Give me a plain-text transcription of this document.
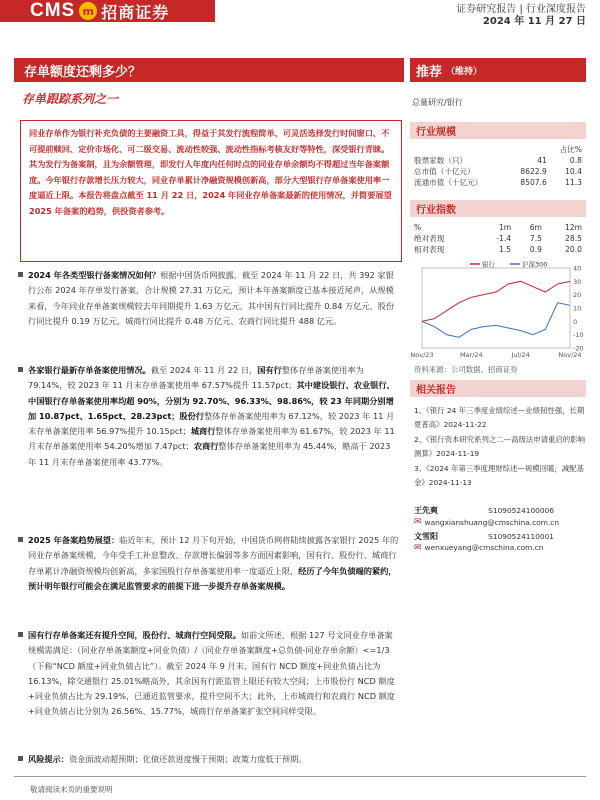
CMS m 招商证券	证券研究报告 | 行业深度报告
2024 年 11 月 27 日
存单额度还剩多少？	推荐 （维持）
存单跟踪系列之一	总量研究/银行
同业存单作为银行补充负债的主要融资工具，得益于其发行流程简单、可灵活选择发行时间窗口、不可提前赎回、定价市场化、可二级交易、流动性较强、流动性指标考核友好等特性，深受银行青睐。其为发行为备案制，且为余额管理，即发行人年度内任何时点的同业存单余额均不得超过当年备案额度。今年银行存款增长压力较大，同业存单累计净融资规模创新高，部分大型银行存单备案使用率一度逼近上限。本报告将盘点截至 11 月 22 日，2024 年同业存单备案最新的使用情况，并简要展望 2025 年备案的趋势，供投资者参考。
2024 年各类型银行备案情况如何？根据中国货币网披露，截至 2024 年 11 月 22 日，共 392 家银行公布 2024 年存单发行备案，合计规模 27.31 万亿元，预计本年备案额度已基本接近尾声，从规模来看，今年同业存单备案规模较去年同期提升 1.63 万亿元，其中国有行同比提升 0.84 万亿元，股份行同比提升 0.19 万亿元，城商行同比提升 0.48 万亿元、农商行同比提升 488 亿元。
各家银行最新存单备案使用情况。截至 2024 年 11 月 22 日，国有行整体存单备案使用率为 79.14%，较 2023 年 11 月末存单备案使用率 67.57%提升 11.57pct；其中建设银行、农业银行、中国银行存单备案使用率均超 90%，分别为 92.70%、96.33%、98.86%，较 23 年同期分别增加 10.87pct、1.65pct、28.23pct；股份行整体存单备案使用率为 67.12%，较 2023 年 11 月末存单备案使用率 56.97%提升 10.15pct；城商行整体存单备案使用率为 61.67%，较 2023 年 11 月末存单备案使用率 54.20%增加 7.47pct；农商行整体存单备案使用率为 45.44%，略高于 2023 年 11 月末存单备案使用率 43.77%。
2025 年备案趋势展望：临近年末，预计 12 月下旬开始，中国货币网将陆续披露各家银行 2025 年的同业存单备案规模，今年受手工补息整改、存款增长偏弱等多方面因素影响，国有行、股份行、城商行存单累计净融资规模均创新高，多家国股行存单备案使用率一度逼近上限，经历了今年负债端的紧约，预计明年银行可能会在满足监管要求的前提下进一步提升存单备案规模。
国有行存单备案还有提升空间，股份行、城商行空间受限。如前文所述，根据 127 号文同业存单备案规模需满足：（同业存单备案额度+同业负债）/（同业存单备案额度+总负债-同业存单余额）<=1/3（下称“NCD 额度+同业负债占比”）。截至 2024 年 9 月末，国有行 NCD 额度+同业负债占比为 16.13%，除交通银行 25.01%略高外，其余国有行距监管上限还有较大空间；上市股份行 NCD 额度+同业负债占比为 29.19%，已通近监管要求，提升空间不大；此外，上市城商行和农商行 NCD 额度+同业负债占比分别为 26.56%、15.77%，城商行存单备案扩张空间同样受限。
风险提示：资金面波动超预期；化债还款进度慢于预期；政策力度低于预期。
行业规模
		占比%
股票家数（只）	41	0.8
总市值（十亿元）	8622.9	10.4
流通市值（十亿元）	8507.6	11.3
行业指数
%	1m	6m	12m
绝对表现	-1.4	7.5	28.5
相对表现	1.5	0.9	20.0
-20
-10
0
10
20
30
40
Nov/23	Mar/24	Jul/24	Nov/24
银行	沪深300
资料来源：公司数据、招商证券
相关报告
1、《银行 24 年三季度业绩综述—业绩韧性强，长期夏普高》2024-11-22
2、《银行资本研究系列之二—高级法申请重启的影响测算》2024-11-19
3、《2024 年第三季度理财综述—规模回暖，减配基金》2024-11-13
王先爽	S1090524100006
✉ wangxianshuang@cmschina.com.cn
文雪阳	S1090524110001
✉ wenxueyang@cmschina.com.cn
敬请阅读末页的重要说明
